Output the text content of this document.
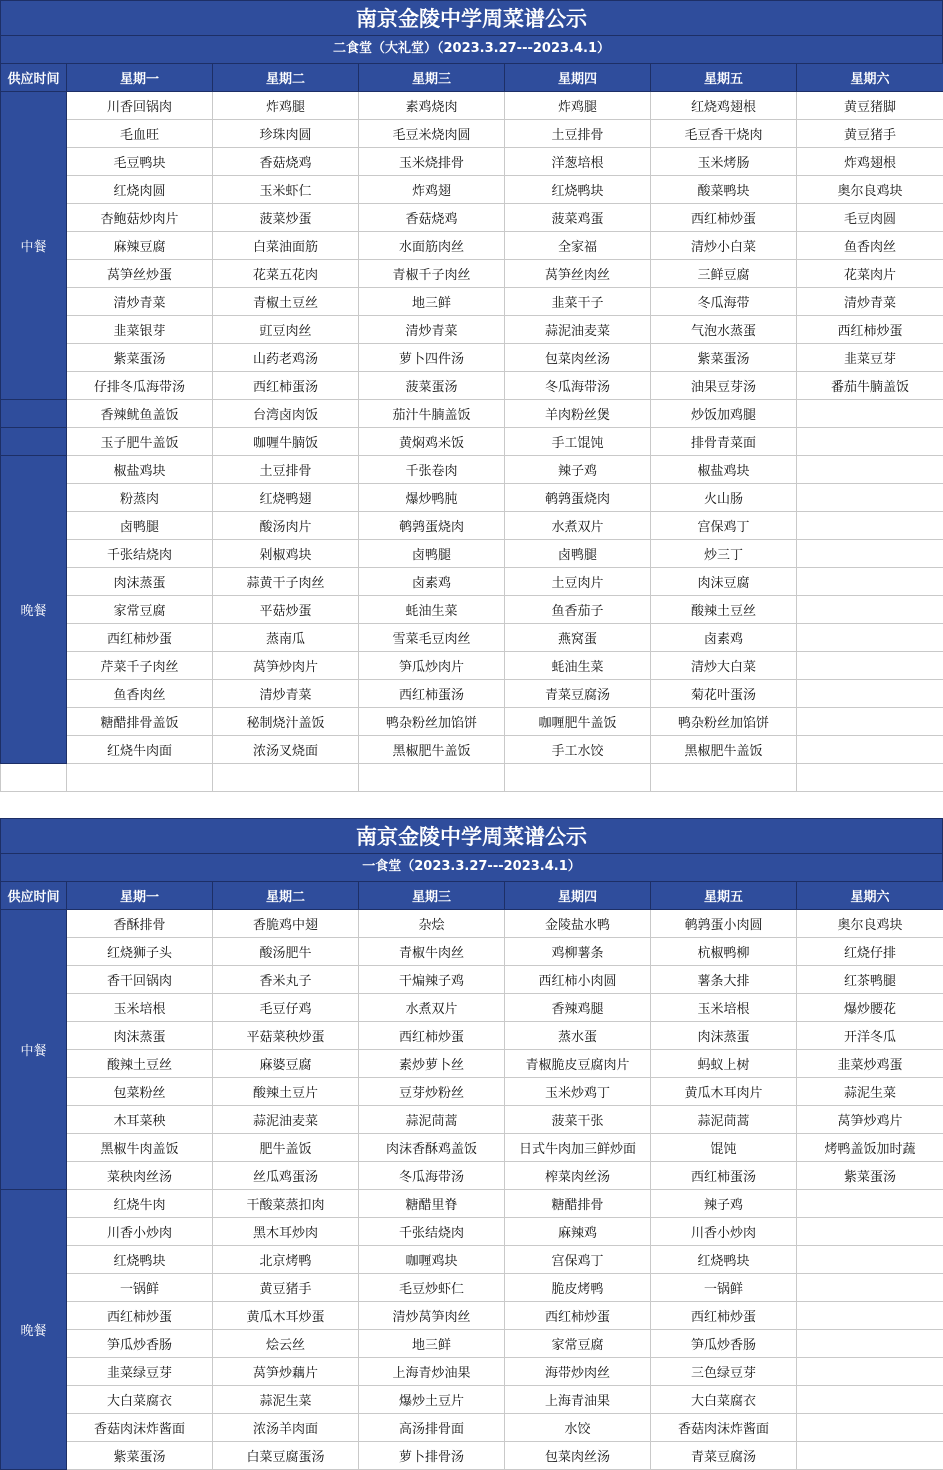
南京金陵中学周菜谱公示
二食堂（大礼堂）（2023.3.27---2023.4.1）
供应时间	星期一	星期二	星期三	星期四	星期五	星期六
中餐	川香回锅肉	炸鸡腿	素鸡烧肉	炸鸡腿	红烧鸡翅根	黄豆猪脚
	毛血旺	珍珠肉圆	毛豆米烧肉圆	土豆排骨	毛豆香干烧肉	黄豆猪手
	毛豆鸭块	香菇烧鸡	玉米烧排骨	洋葱培根	玉米烤肠	炸鸡翅根
	红烧肉圆	玉米虾仁	炸鸡翅	红烧鸭块	酸菜鸭块	奥尔良鸡块
	杏鲍菇炒肉片	菠菜炒蛋	香菇烧鸡	菠菜鸡蛋	西红柿炒蛋	毛豆肉圆
	麻辣豆腐	白菜油面筋	水面筋肉丝	全家福	清炒小白菜	鱼香肉丝
	莴笋丝炒蛋	花菜五花肉	青椒千子肉丝	莴笋丝肉丝	三鲜豆腐	花菜肉片
	清炒青菜	青椒土豆丝	地三鲜	韭菜干子	冬瓜海带	清炒青菜
	韭菜银芽	豇豆肉丝	清炒青菜	蒜泥油麦菜	气泡水蒸蛋	西红柿炒蛋
	紫菜蛋汤	山药老鸡汤	萝卜四件汤	包菜肉丝汤	紫菜蛋汤	韭菜豆芽
	仔排冬瓜海带汤	西红柿蛋汤	菠菜蛋汤	冬瓜海带汤	油果豆芽汤	番茄牛腩盖饭
	香辣鱿鱼盖饭	台湾卤肉饭	茄汁牛腩盖饭	羊肉粉丝煲	炒饭加鸡腿	
	玉子肥牛盖饭	咖喱牛腩饭	黄焖鸡米饭	手工馄饨	排骨青菜面	
晚餐	椒盐鸡块	土豆排骨	千张卷肉	辣子鸡	椒盐鸡块	
	粉蒸肉	红烧鸭翅	爆炒鸭肫	鹌鹑蛋烧肉	火山肠	
	卤鸭腿	酸汤肉片	鹌鹑蛋烧肉	水煮双片	宫保鸡丁	
	千张结烧肉	剁椒鸡块	卤鸭腿	卤鸭腿	炒三丁	
	肉沫蒸蛋	蒜黄干子肉丝	卤素鸡	土豆肉片	肉沫豆腐	
	家常豆腐	平菇炒蛋	蚝油生菜	鱼香茄子	酸辣土豆丝	
	西红柿炒蛋	蒸南瓜	雪菜毛豆肉丝	燕窝蛋	卤素鸡	
	芹菜千子肉丝	莴笋炒肉片	笋瓜炒肉片	蚝油生菜	清炒大白菜	
	鱼香肉丝	清炒青菜	西红柿蛋汤	青菜豆腐汤	菊花叶蛋汤	
	糖醋排骨盖饭	秘制烧汁盖饭	鸭杂粉丝加馅饼	咖喱肥牛盖饭	鸭杂粉丝加馅饼	
	红烧牛肉面	浓汤叉烧面	黑椒肥牛盖饭	手工水饺	黑椒肥牛盖饭	

南京金陵中学周菜谱公示
一食堂（2023.3.27---2023.4.1）
供应时间	星期一	星期二	星期三	星期四	星期五	星期六
中餐	香酥排骨	香脆鸡中翅	杂烩	金陵盐水鸭	鹌鹑蛋小肉圆	奥尔良鸡块
	红烧狮子头	酸汤肥牛	青椒牛肉丝	鸡柳薯条	杭椒鸭柳	红烧仔排
	香干回锅肉	香米丸子	干煸辣子鸡	西红柿小肉圆	薯条大排	红茶鸭腿
	玉米培根	毛豆仔鸡	水煮双片	香辣鸡腿	玉米培根	爆炒腰花
	肉沫蒸蛋	平菇菜秧炒蛋	西红柿炒蛋	蒸水蛋	肉沫蒸蛋	开洋冬瓜
	酸辣土豆丝	麻婆豆腐	素炒萝卜丝	青椒脆皮豆腐肉片	蚂蚁上树	韭菜炒鸡蛋
	包菜粉丝	酸辣土豆片	豆芽炒粉丝	玉米炒鸡丁	黄瓜木耳肉片	蒜泥生菜
	木耳菜秧	蒜泥油麦菜	蒜泥茼蒿	菠菜干张	蒜泥茼蒿	莴笋炒鸡片
	黑椒牛肉盖饭	肥牛盖饭	肉沫香酥鸡盖饭	日式牛肉加三鲜炒面	馄饨	烤鸭盖饭加时蔬
	菜秧肉丝汤	丝瓜鸡蛋汤	冬瓜海带汤	榨菜肉丝汤	西红柿蛋汤	紫菜蛋汤
晚餐	红烧牛肉	干酸菜蒸扣肉	糖醋里脊	糖醋排骨	辣子鸡	
	川香小炒肉	黑木耳炒肉	千张结烧肉	麻辣鸡	川香小炒肉	
	红烧鸭块	北京烤鸭	咖喱鸡块	宫保鸡丁	红烧鸭块	
	一锅鲜	黄豆猪手	毛豆炒虾仁	脆皮烤鸭	一锅鲜	
	西红柿炒蛋	黄瓜木耳炒蛋	清炒莴笋肉丝	西红柿炒蛋	西红柿炒蛋	
	笋瓜炒香肠	烩云丝	地三鲜	家常豆腐	笋瓜炒香肠	
	韭菜绿豆芽	莴笋炒藕片	上海青炒油果	海带炒肉丝	三色绿豆芽	
	大白菜腐衣	蒜泥生菜	爆炒土豆片	上海青油果	大白菜腐衣	
	香菇肉沫炸酱面	浓汤羊肉面	高汤排骨面	水饺	香菇肉沫炸酱面	
	紫菜蛋汤	白菜豆腐蛋汤	萝卜排骨汤	包菜肉丝汤	青菜豆腐汤	
